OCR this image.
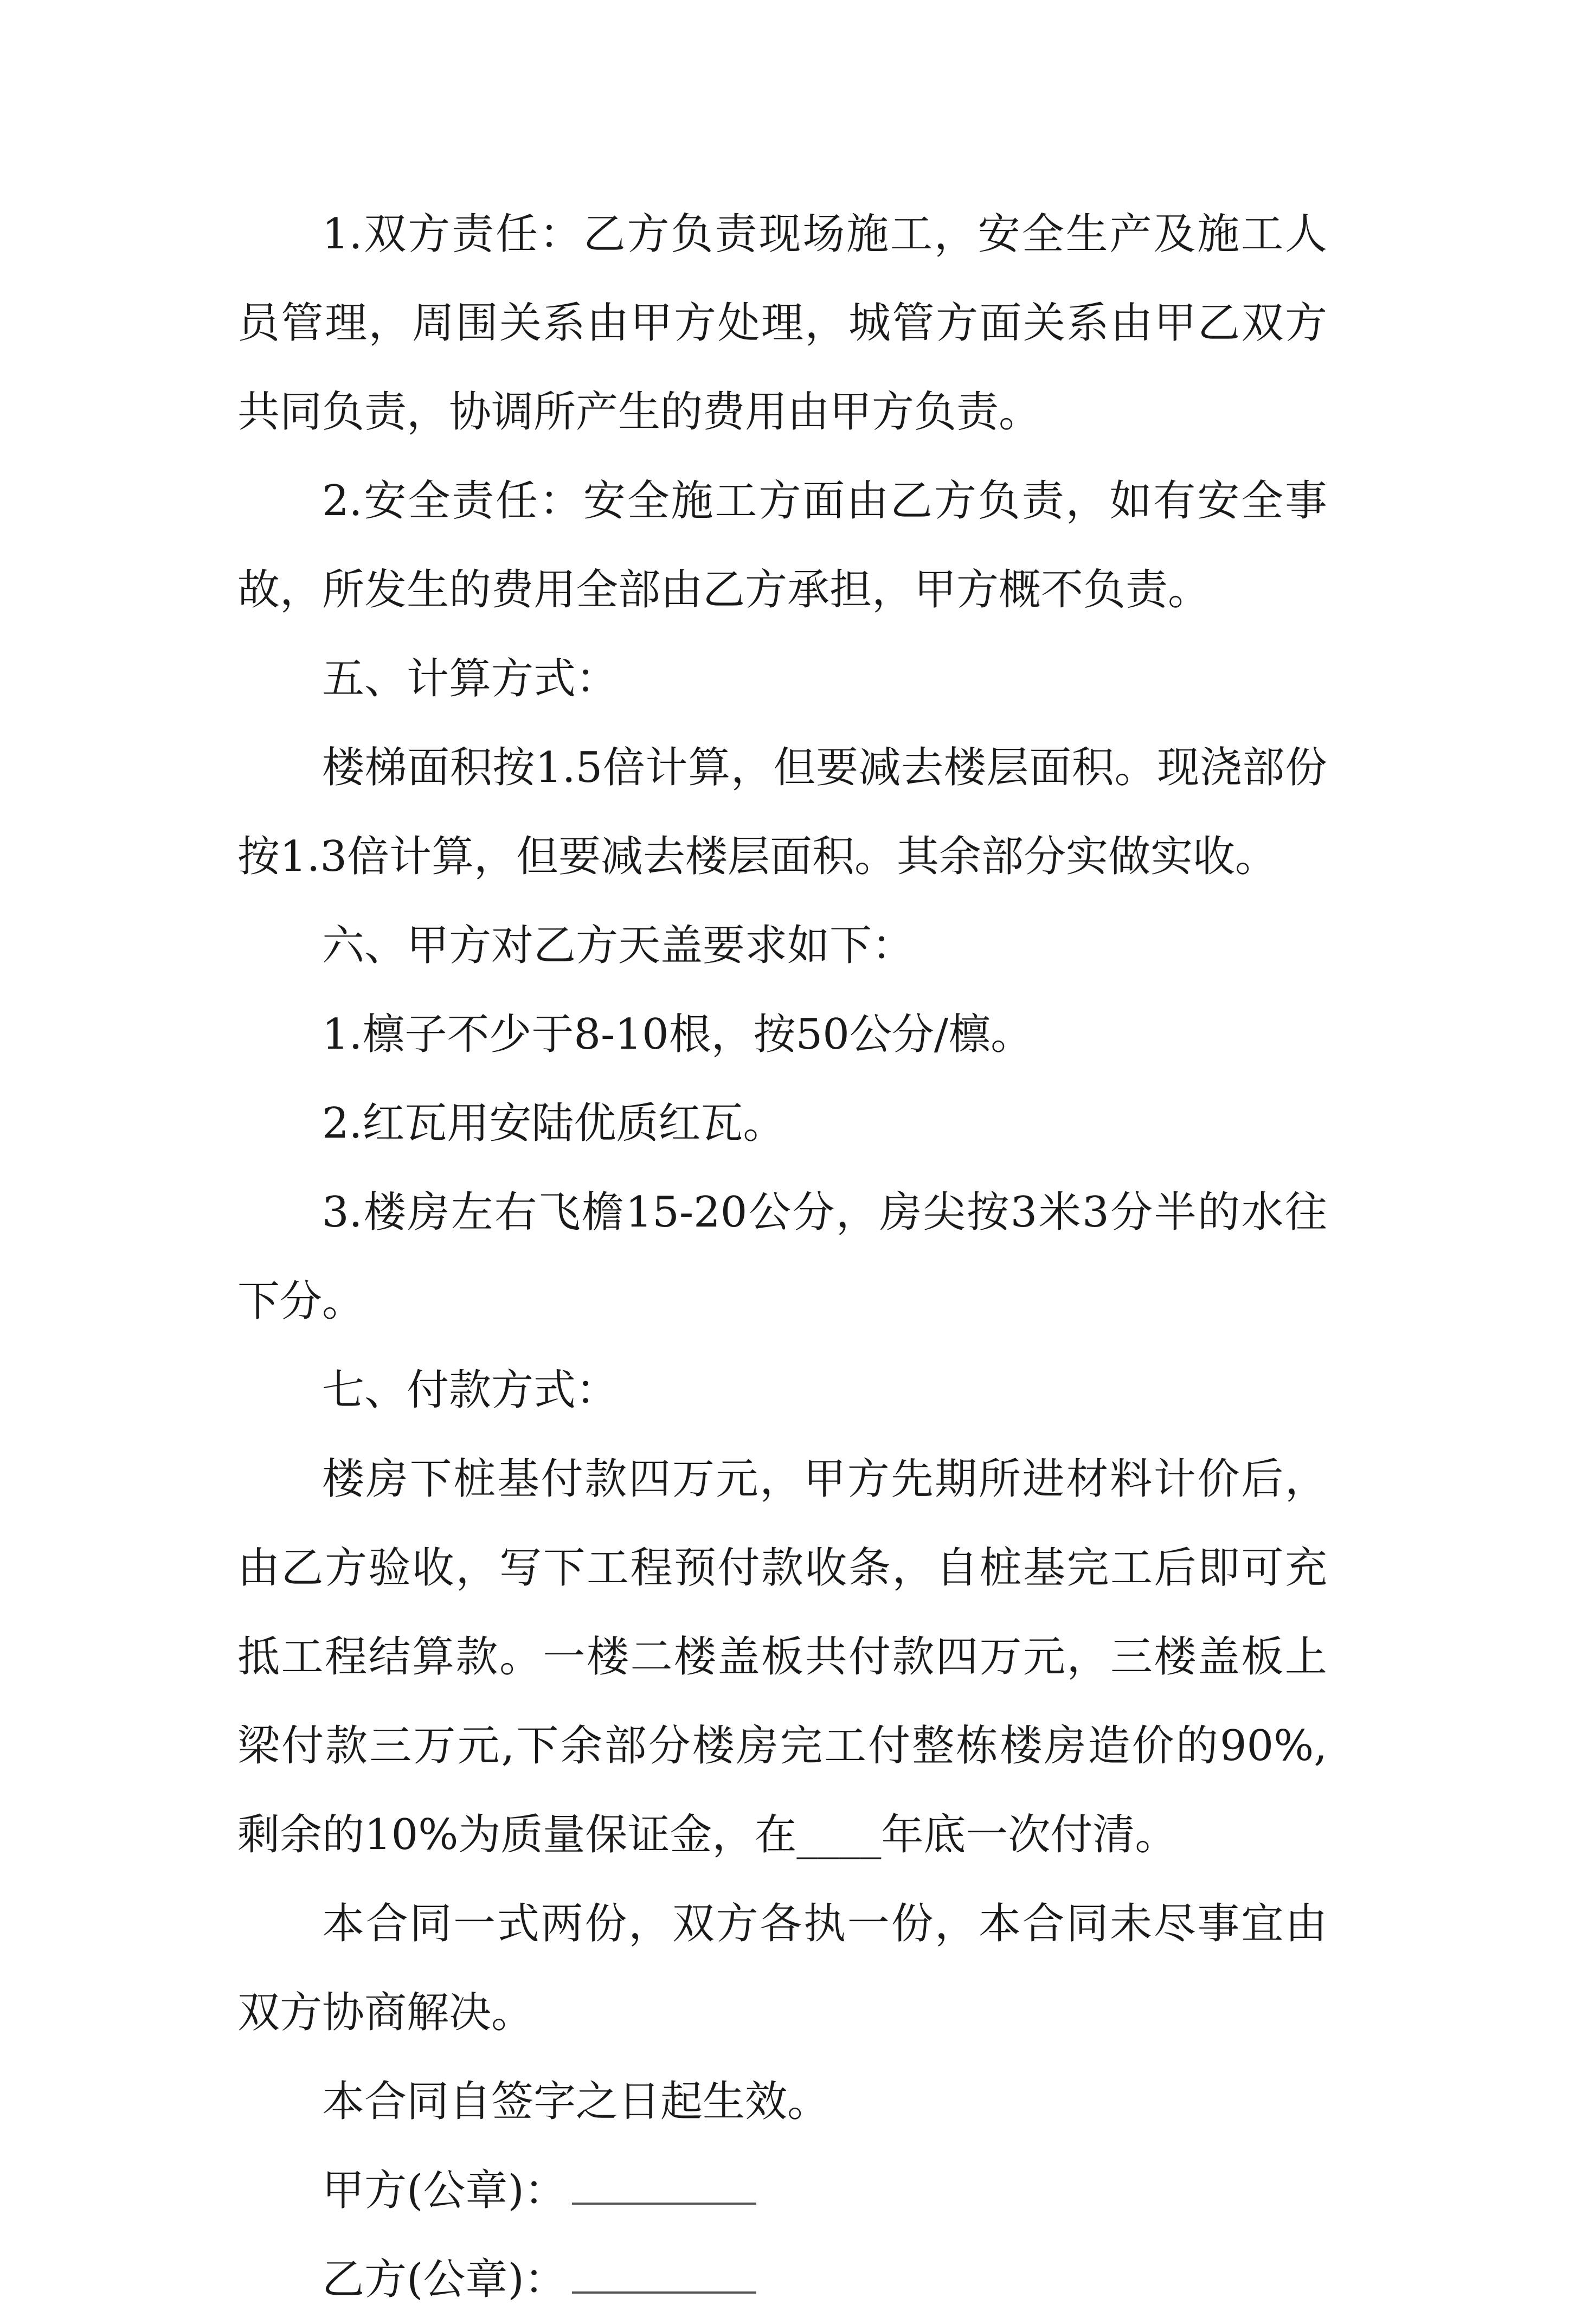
1.双方责任：乙方负责现场施工，安全生产及施工人员管理，周围关系由甲方处理，城管方面关系由甲乙双方共同负责，协调所产生的费用由甲方负责。

2.安全责任：安全施工方面由乙方负责，如有安全事故，所发生的费用全部由乙方承担，甲方概不负责。

五、计算方式：

楼梯面积按1.5倍计算，但要减去楼层面积。现浇部份按1.3倍计算，但要减去楼层面积。其余部分实做实收。

六、甲方对乙方天盖要求如下：

1.檩子不少于8-10根，按50公分/檩。

2.红瓦用安陆优质红瓦。

3.楼房左右飞檐15-20公分，房尖按3米3分半的水往下分。

七、付款方式：

楼房下桩基付款四万元，甲方先期所进材料计价后，由乙方验收，写下工程预付款收条，自桩基完工后即可充抵工程结算款。一楼二楼盖板共付款四万元，三楼盖板上梁付款三万元,下余部分楼房完工付整栋楼房造价的90%,剩余的10%为质量保证金，在____年底一次付清。

本合同一式两份，双方各执一份，本合同未尽事宜由双方协商解决。

本合同自签字之日起生效。

甲方(公章)：

乙方(公章)：
